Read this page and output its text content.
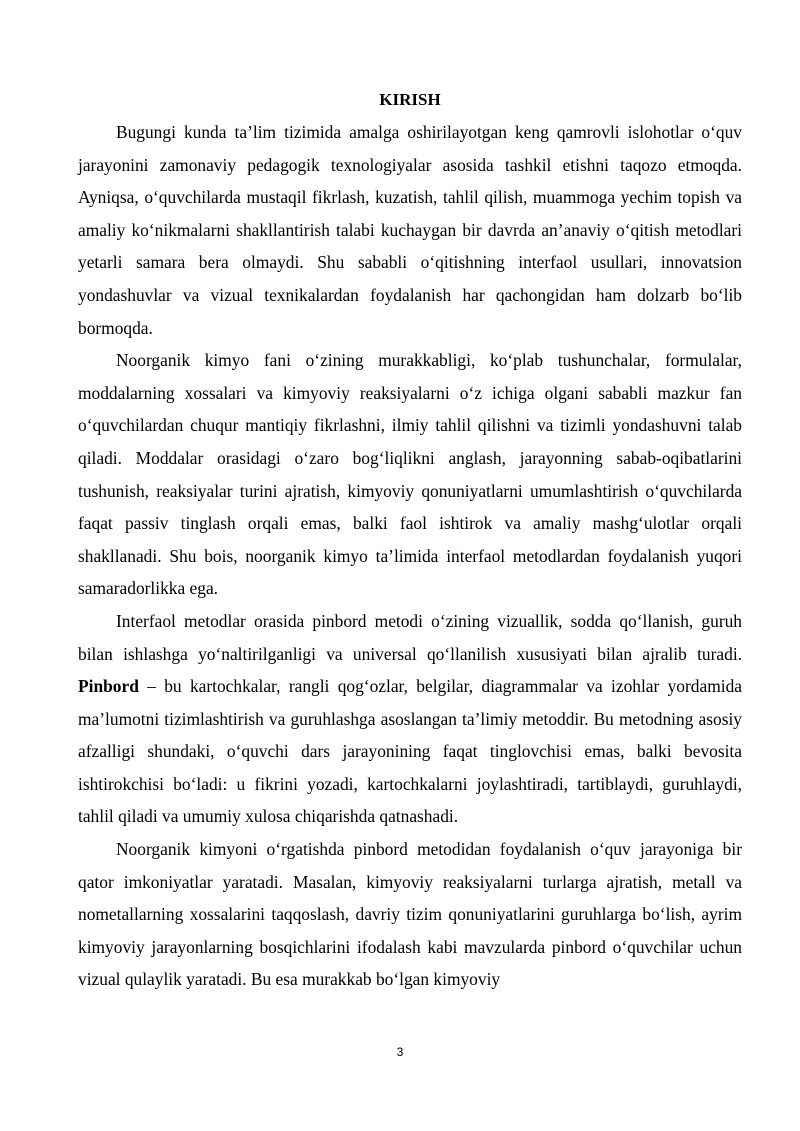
KIRISH

Bugungi kunda ta’lim tizimida amalga oshirilayotgan keng qamrovli islohotlar o‘quv jarayonini zamonaviy pedagogik texnologiyalar asosida tashkil etishni taqozo etmoqda. Ayniqsa, o‘quvchilarda mustaqil fikrlash, kuzatish, tahlil qilish, muammoga yechim topish va amaliy ko‘nikmalarni shakllantirish talabi kuchaygan bir davrda an’anaviy o‘qitish metodlari yetarli samara bera olmaydi. Shu sababli o‘qitishning interfaol usullari, innovatsion yondashuvlar va vizual texnikalardan foydalanish har qachongidan ham dolzarb bo‘lib bormoqda.

Noorganik kimyo fani o‘zining murakkabligi, ko‘plab tushunchalar, formulalar, moddalarning xossalari va kimyoviy reaksiyalarni o‘z ichiga olgani sababli mazkur fan o‘quvchilardan chuqur mantiqiy fikrlashni, ilmiy tahlil qilishni va tizimli yondashuvni talab qiladi. Moddalar orasidagi o‘zaro bog‘liqlikni anglash, jarayonning sabab-oqibatlarini tushunish, reaksiyalar turini ajratish, kimyoviy qonuniyatlarni umumlashtirish o‘quvchilarda faqat passiv tinglash orqali emas, balki faol ishtirok va amaliy mashg‘ulotlar orqali shakllanadi. Shu bois, noorganik kimyo ta’limida interfaol metodlardan foydalanish yuqori samaradorlikka ega.

Interfaol metodlar orasida pinbord metodi o‘zining vizuallik, sodda qo‘llanish, guruh bilan ishlashga yo‘naltirilganligi va universal qo‘llanilish xususiyati bilan ajralib turadi. Pinbord – bu kartochkalar, rangli qog‘ozlar, belgilar, diagrammalar va izohlar yordamida ma’lumotni tizimlashtirish va guruhlashga asoslangan ta’limiy metoddir. Bu metodning asosiy afzalligi shundaki, o‘quvchi dars jarayonining faqat tinglovchisi emas, balki bevosita ishtirokchisi bo‘ladi: u fikrini yozadi, kartochkalarni joylashtiradi, tartiblaydi, guruhlaydi, tahlil qiladi va umumiy xulosa chiqarishda qatnashadi.

Noorganik kimyoni o‘rgatishda pinbord metodidan foydalanish o‘quv jarayoniga bir qator imkoniyatlar yaratadi. Masalan, kimyoviy reaksiyalarni turlarga ajratish, metall va nometallarning xossalarini taqqoslash, davriy tizim qonuniyatlarini guruhlarga bo‘lish, ayrim kimyoviy jarayonlarning bosqichlarini ifodalash kabi mavzularda pinbord o‘quvchilar uchun vizual qulaylik yaratadi. Bu esa murakkab bo‘lgan kimyoviy

3
